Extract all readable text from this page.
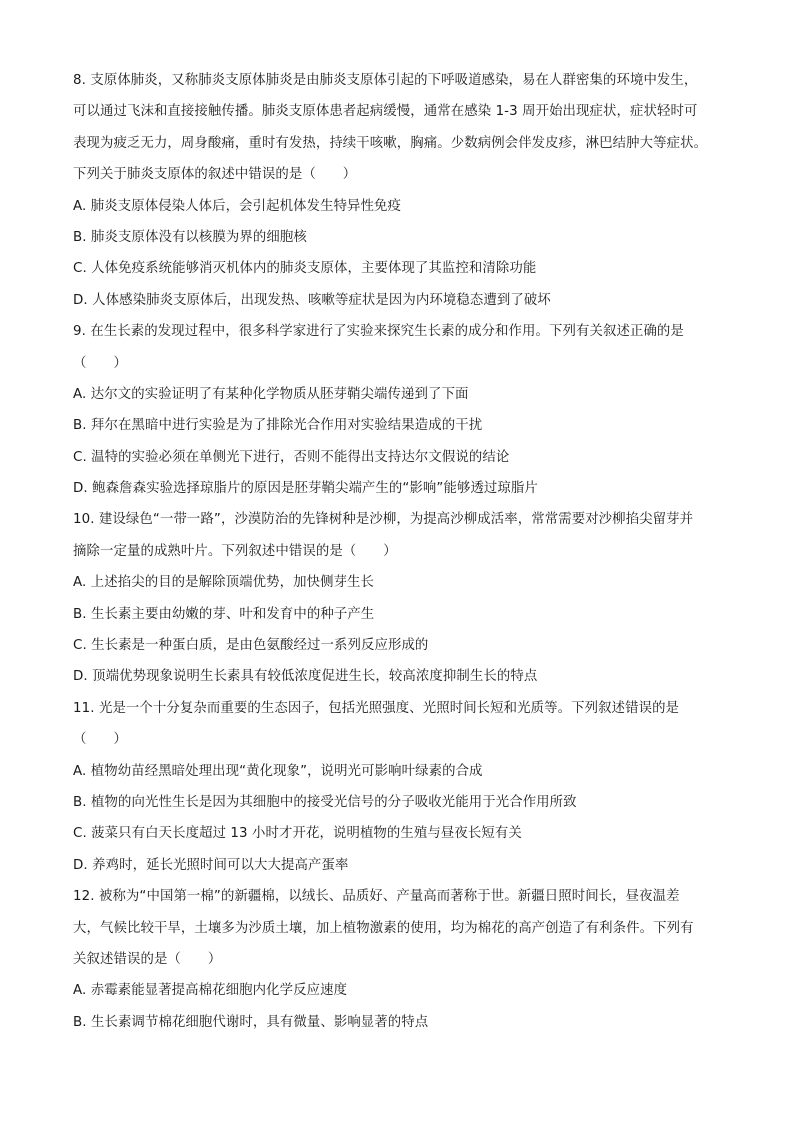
8. 支原体肺炎，又称肺炎支原体肺炎是由肺炎支原体引起的下呼吸道感染，易在人群密集的环境中发生，
可以通过飞沫和直接接触传播。肺炎支原体患者起病缓慢，通常在感染 1-3 周开始出现症状，症状轻时可
表现为疲乏无力，周身酸痛，重时有发热，持续干咳嗽，胸痛。少数病例会伴发皮疹，淋巴结肿大等症状。
下列关于肺炎支原体的叙述中错误的是（　　）
A. 肺炎支原体侵染人体后，会引起机体发生特异性免疫
B. 肺炎支原体没有以核膜为界的细胞核
C. 人体免疫系统能够消灭机体内的肺炎支原体，主要体现了其监控和清除功能
D. 人体感染肺炎支原体后，出现发热、咳嗽等症状是因为内环境稳态遭到了破坏
9. 在生长素的发现过程中，很多科学家进行了实验来探究生长素的成分和作用。下列有关叙述正确的是
（　　）
A. 达尔文的实验证明了有某种化学物质从胚芽鞘尖端传递到了下面
B. 拜尔在黑暗中进行实验是为了排除光合作用对实验结果造成的干扰
C. 温特的实验必须在单侧光下进行，否则不能得出支持达尔文假说的结论
D. 鲍森詹森实验选择琼脂片的原因是胚芽鞘尖端产生的“影响”能够透过琼脂片
10. 建设绿色“一带一路”，沙漠防治的先锋树种是沙柳，为提高沙柳成活率，常常需要对沙柳掐尖留芽并
摘除一定量的成熟叶片。下列叙述中错误的是（　　）
A. 上述掐尖的目的是解除顶端优势，加快侧芽生长
B. 生长素主要由幼嫩的芽、叶和发育中的种子产生
C. 生长素是一种蛋白质，是由色氨酸经过一系列反应形成的
D. 顶端优势现象说明生长素具有较低浓度促进生长，较高浓度抑制生长的特点
11. 光是一个十分复杂而重要的生态因子，包括光照强度、光照时间长短和光质等。下列叙述错误的是
（　　）
A. 植物幼苗经黑暗处理出现“黄化现象”，说明光可影响叶绿素的合成
B. 植物的向光性生长是因为其细胞中的接受光信号的分子吸收光能用于光合作用所致
C. 菠菜只有白天长度超过 13 小时才开花，说明植物的生殖与昼夜长短有关
D. 养鸡时，延长光照时间可以大大提高产蛋率
12. 被称为“中国第一棉”的新疆棉，以绒长、品质好、产量高而著称于世。新疆日照时间长，昼夜温差
大，气候比较干旱，土壤多为沙质土壤，加上植物激素的使用，均为棉花的高产创造了有利条件。下列有
关叙述错误的是（　　）
A. 赤霉素能显著提高棉花细胞内化学反应速度
B. 生长素调节棉花细胞代谢时，具有微量、影响显著的特点
